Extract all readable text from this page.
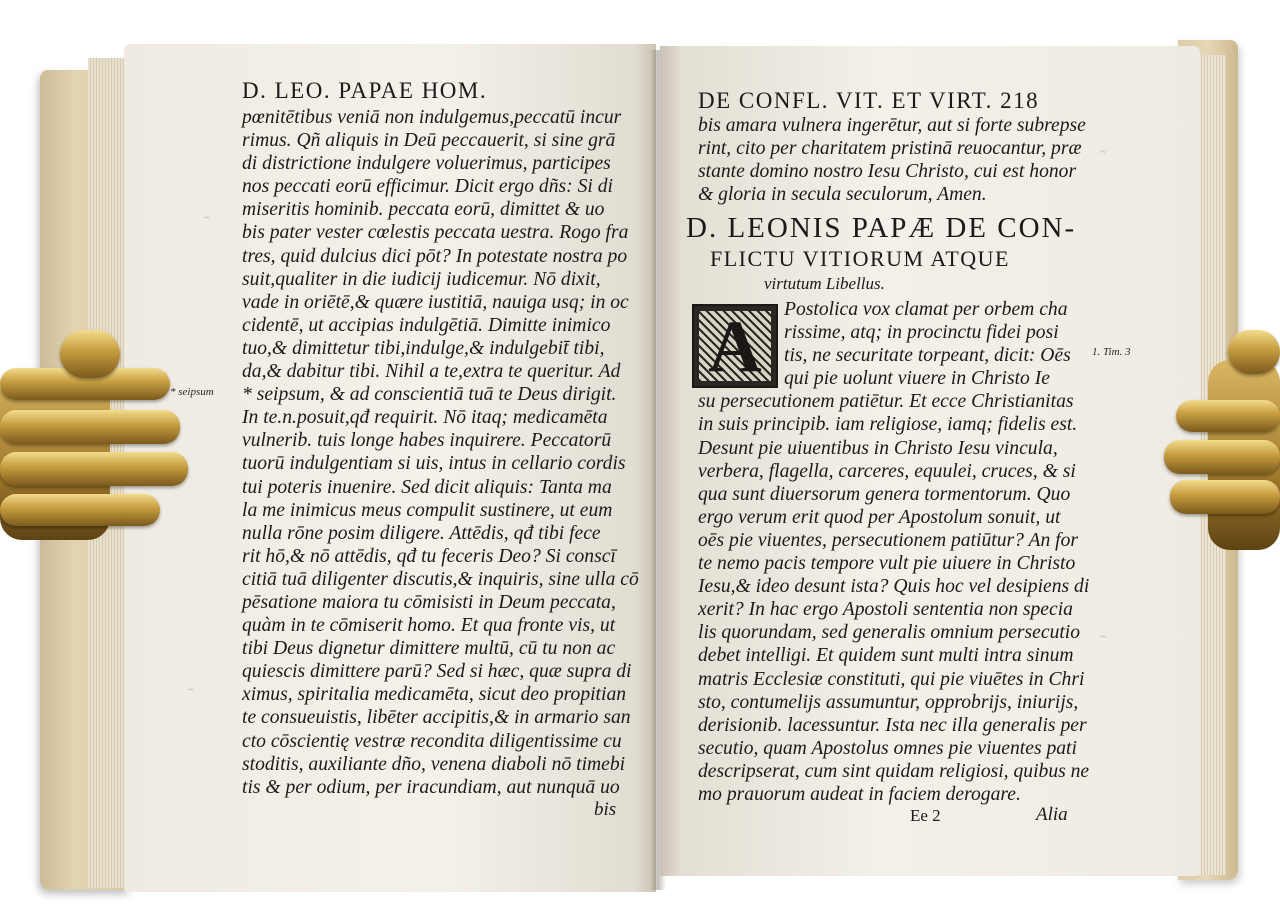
D. LEO. PAPAE HOM.
pœnitētibus veniā non indulgemus,peccatū incur
rimus. Qñ aliquis in Deū peccauerit, si sine grā
di districtione indulgere voluerimus, participes
nos peccati eorū efficimur. Dicit ergo dñs: Si di
miseritis hominib. peccata eorū, dimittet & uo
bis pater vester cœlestis peccata uestra. Rogo fra
tres, quid dulcius dici pōt? In potestate nostra po
suit,qualiter in die iudicij iudicemur. Nō dixit,
vade in oriētē,& quære iustitiā, nauiga usq; in oc
cidentē, ut accipias indulgētiā. Dimitte inimico
tuo,& dimittetur tibi,indulge,& indulgebit̄ tibi,
da,& dabitur tibi. Nihil a te,extra te queritur. Ad
* seipsum, & ad conscientiā tuā te Deus dirigit.
In te.n.posuit,qđ requirit. Nō itaq; medicamēta
vulnerib. tuis longe habes inquirere. Peccatorū
tuorū indulgentiam si uis, intus in cellario cordis
tui poteris inuenire. Sed dicit aliquis: Tanta ma
la me inimicus meus compulit sustinere, ut eum
nulla rōne posim diligere. Attēdis, qđ tibi fece
rit hō,& nō attēdis, qđ tu feceris Deo? Si conscī
citiā tuā diligenter discutis,& inquiris, sine ulla cō
pēsatione maiora tu cōmisisti in Deum peccata,
quàm in te cōmiserit homo. Et qua fronte vis, ut
tibi Deus dignetur dimittere multū, cū tu non ac
quiescis dimittere parū? Sed si hæc, quæ supra di
ximus, spiritalia medicamēta, sicut deo propitian
te consueuistis, libēter accipitis,& in armario san
cto cōscientię vestræ recondita diligentissime cu
stoditis, auxiliante dño, venena diaboli nō timebi
tis & per odium, per iracundiam, aut nunquā uo
bis
~
~
* seipsum
DE CONFL. VIT. ET VIRT. 218
bis amara vulnera ingerētur, aut si forte subrepse
rint, cito per charitatem pristinā reuocantur, præ
stante domino nostro Iesu Christo, cui est honor
& gloria in secula seculorum, Amen.
D. LEONIS PAPÆ DE CON-
FLICTU VITIORUM ATQUE
virtutum Libellus.
A	Postolica vox clamat per orbem cha
rissime, atq; in procinctu fidei posi
tis, ne securitate torpeant, dicit: Oēs
qui pie uolunt viuere in Christo Ie
su persecutionem patiētur. Et ecce Christianitas
in suis principib. iam religiose, iamq; fidelis est.
Desunt pie uiuentibus in Christo Iesu vincula,
verbera, flagella, carceres, equulei, cruces, & si
qua sunt diuersorum genera tormentorum. Quo
ergo verum erit quod per Apostolum sonuit, ut
oēs pie viuentes, persecutionem patiūtur? An for
te nemo pacis tempore vult pie uiuere in Christo
Iesu,& ideo desunt ista? Quis hoc vel desipiens di
xerit? In hac ergo Apostoli sententia non specia
lis quorundam, sed generalis omnium persecutio
debet intelligi. Et quidem sunt multi intra sinum
matris Ecclesiæ constituti, qui pie viuētes in Chri
sto, contumelijs assumuntur, opprobrijs, iniurijs,
derisionib. lacessuntur. Ista nec illa generalis per
secutio, quam Apostolus omnes pie viuentes pati
descripserat, cum sint quidam religiosi, quibus ne
mo prauorum audeat in faciem derogare.
Ee 2	Alia
1. Tim. 3
~
~
